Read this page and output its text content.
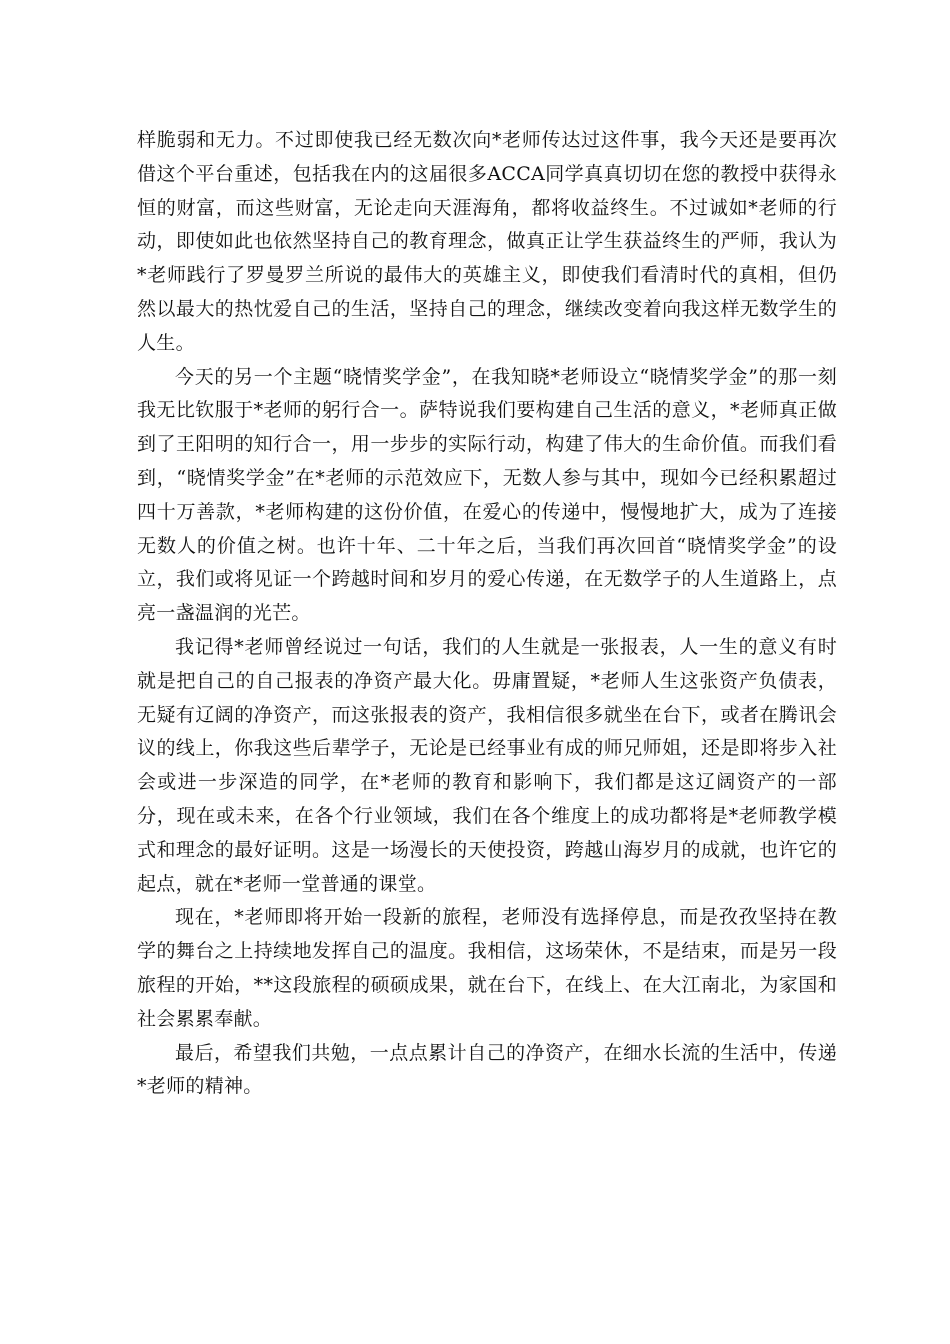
样脆弱和无力。不过即使我已经无数次向*老师传达过这件事，我今天还是要再次借这个平台重述，包括我在内的这届很多ACCA同学真真切切在您的教授中获得永恒的财富，而这些财富，无论走向天涯海角，都将收益终生。不过诚如*老师的行动，即使如此也依然坚持自己的教育理念，做真正让学生获益终生的严师，我认为*老师践行了罗曼罗兰所说的最伟大的英雄主义，即使我们看清时代的真相，但仍然以最大的热忱爱自己的生活，坚持自己的理念，继续改变着向我这样无数学生的人生。

今天的另一个主题“晓情奖学金”，在我知晓*老师设立“晓情奖学金”的那一刻我无比钦服于*老师的躬行合一。萨特说我们要构建自己生活的意义，*老师真正做到了王阳明的知行合一，用一步步的实际行动，构建了伟大的生命价值。而我们看到，“晓情奖学金”在*老师的示范效应下，无数人参与其中，现如今已经积累超过四十万善款，*老师构建的这份价值，在爱心的传递中，慢慢地扩大，成为了连接无数人的价值之树。也许十年、二十年之后，当我们再次回首“晓情奖学金”的设立，我们或将见证一个跨越时间和岁月的爱心传递，在无数学子的人生道路上，点亮一盏温润的光芒。

我记得*老师曾经说过一句话，我们的人生就是一张报表，人一生的意义有时就是把自己的自己报表的净资产最大化。毋庸置疑，*老师人生这张资产负债表，无疑有辽阔的净资产，而这张报表的资产，我相信很多就坐在台下，或者在腾讯会议的线上，你我这些后辈学子，无论是已经事业有成的师兄师姐，还是即将步入社会或进一步深造的同学，在*老师的教育和影响下，我们都是这辽阔资产的一部分，现在或未来，在各个行业领域，我们在各个维度上的成功都将是*老师教学模式和理念的最好证明。这是一场漫长的天使投资，跨越山海岁月的成就，也许它的起点，就在*老师一堂普通的课堂。

现在，*老师即将开始一段新的旅程，老师没有选择停息，而是孜孜坚持在教学的舞台之上持续地发挥自己的温度。我相信，这场荣休，不是结束，而是另一段旅程的开始，**这段旅程的硕硕成果，就在台下，在线上、在大江南北，为家国和社会累累奉献。

最后，希望我们共勉，一点点累计自己的净资产，在细水长流的生活中，传递*老师的精神。
